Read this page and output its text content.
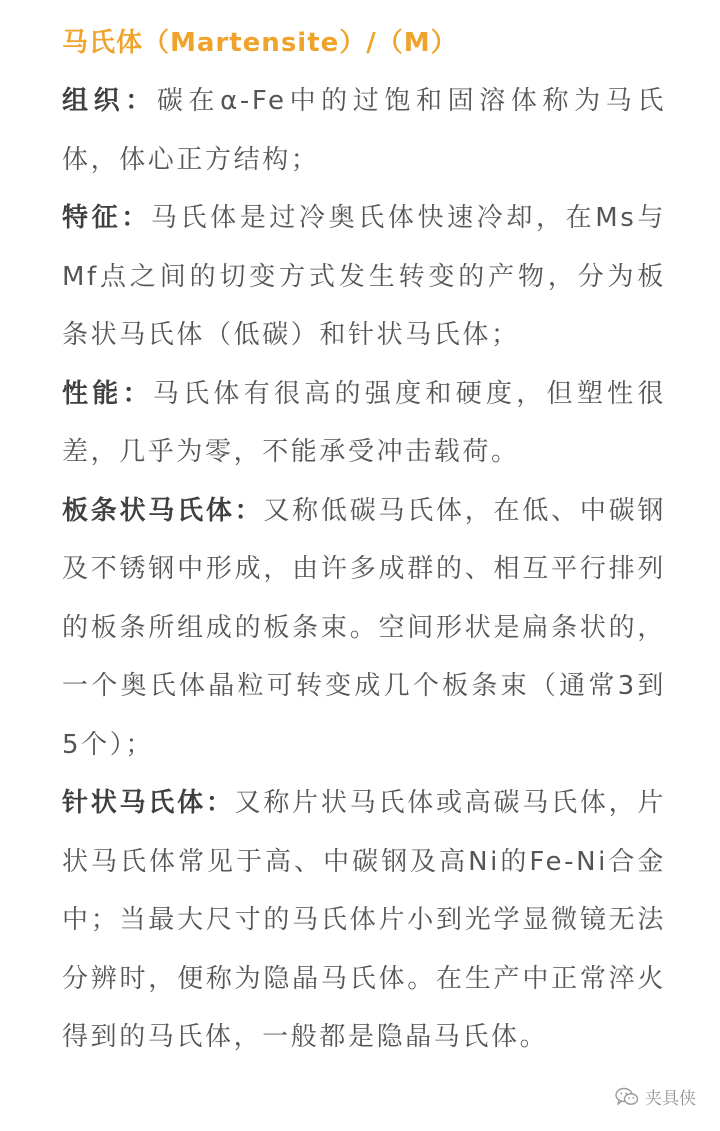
马氏体（Martensite）/（M）

组织：碳在α-Fe中的过饱和固溶体称为马氏体，体心正方结构；

特征：马氏体是过冷奥氏体快速冷却，在Ms与Mf点之间的切变方式发生转变的产物，分为板条状马氏体（低碳）和针状马氏体；

性能：马氏体有很高的强度和硬度，但塑性很差，几乎为零，不能承受冲击载荷。

板条状马氏体：又称低碳马氏体，在低、中碳钢及不锈钢中形成，由许多成群的、相互平行排列的板条所组成的板条束。空间形状是扁条状的，一个奥氏体晶粒可转变成几个板条束（通常3到5个）；

针状马氏体：又称片状马氏体或高碳马氏体，片状马氏体常见于高、中碳钢及高Ni的Fe-Ni合金中；当最大尺寸的马氏体片小到光学显微镜无法分辨时，便称为隐晶马氏体。在生产中正常淬火得到的马氏体，一般都是隐晶马氏体。

夹具侠
